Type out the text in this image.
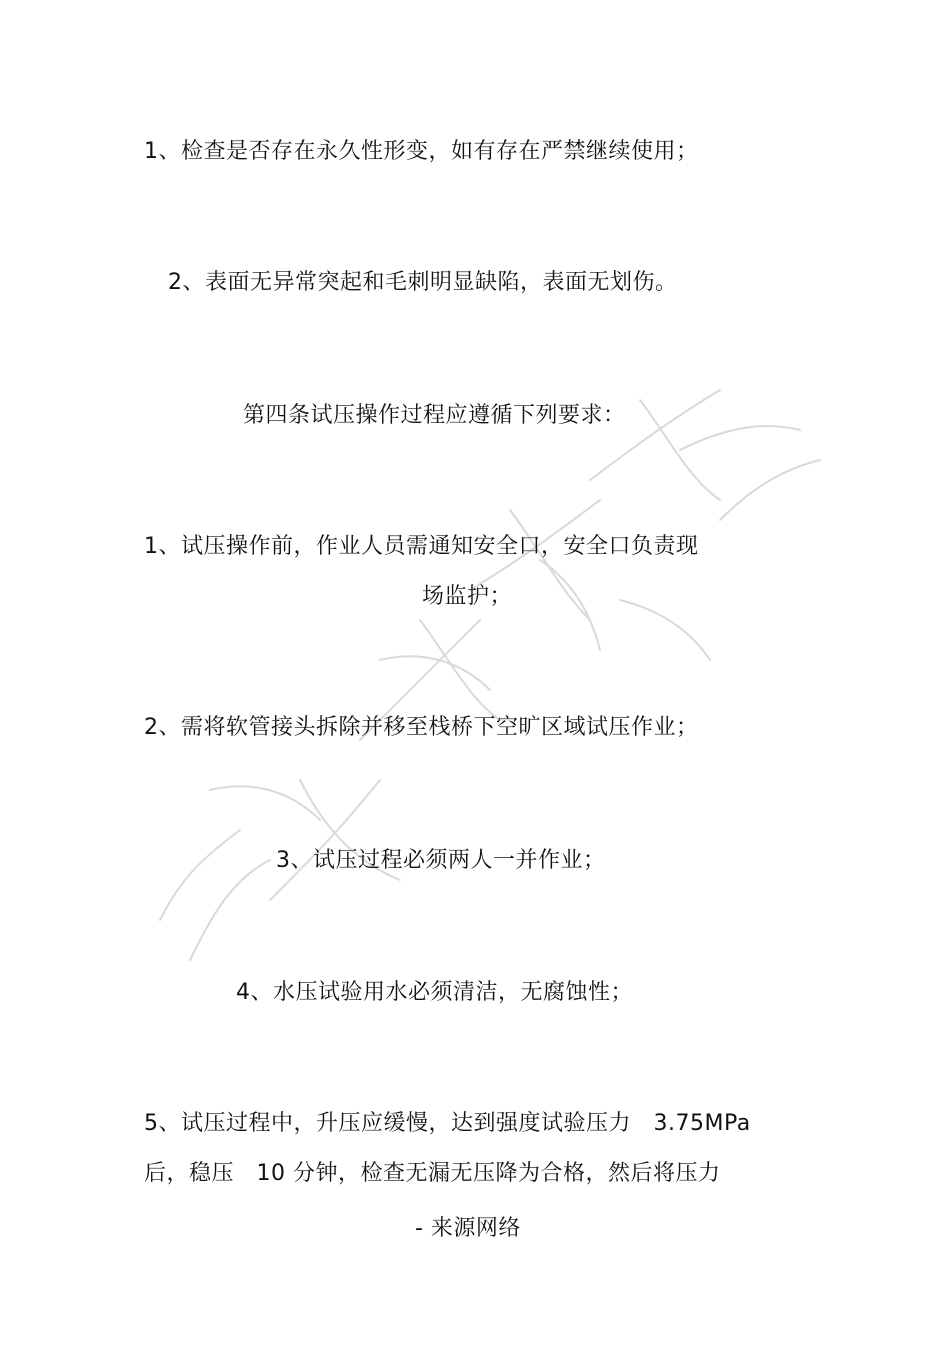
1、检查是否存在永久性形变，如有存在严禁继续使用；
2、表面无异常突起和毛刺明显缺陷，表面无划伤。
第四条试压操作过程应遵循下列要求：
1、试压操作前，作业人员需通知安全口，安全口负责现
场监护；
2、需将软管接头拆除并移至栈桥下空旷区域试压作业；
3、试压过程必须两人一并作业；
4、水压试验用水必须清洁，无腐蚀性；
5、试压过程中，升压应缓慢，达到强度试验压力　3.75MPa
后，稳压　10 分钟，检查无漏无压降为合格，然后将压力
- 来源网络
